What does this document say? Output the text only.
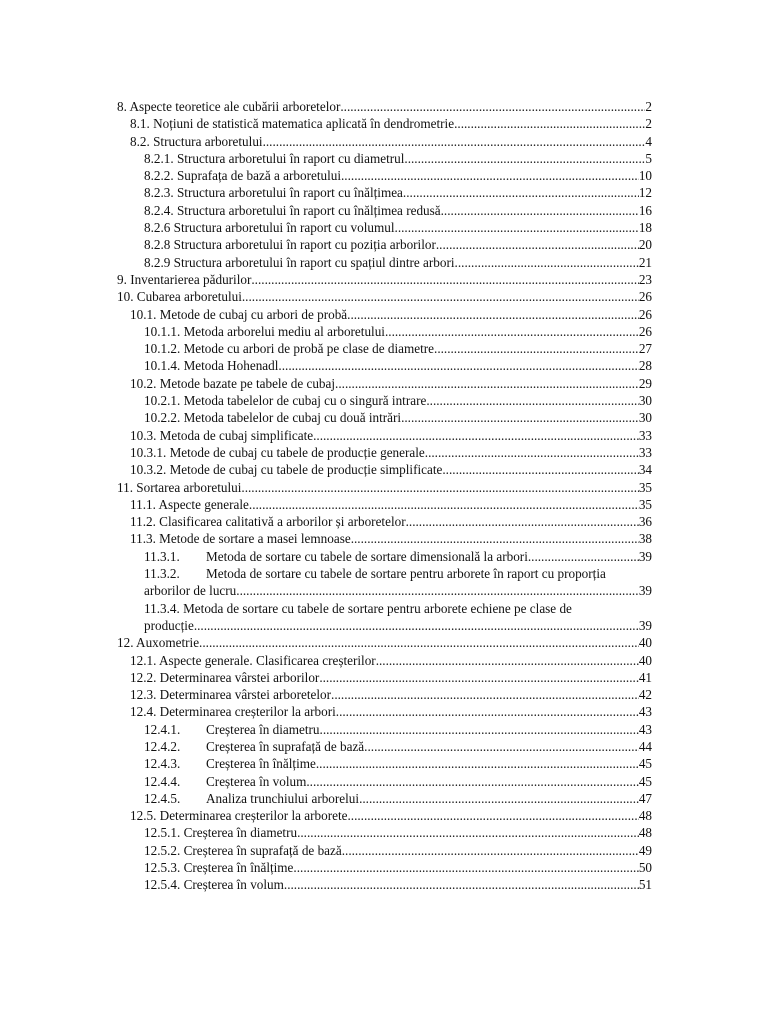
8. Aspecte teoretice ale cubării arboretelor .....	2
8.1. Noțiuni de statistică matematica aplicată în dendrometrie .....	2
8.2. Structura arboretului .....	4
8.2.1. Structura arboretului în raport cu diametrul .....	5
8.2.2. Suprafața de bază a arboretului .....	10
8.2.3. Structura arboretului în raport cu înălțimea .....	12
8.2.4. Structura arboretului în raport cu înălțimea redusă .....	16
8.2.6 Structura arboretului în raport cu volumul .....	18
8.2.8 Structura arboretului în raport cu poziția arborilor .....	20
8.2.9 Structura arboretului în raport cu spațiul dintre arbori. .....	21
9. Inventarierea pădurilor .....	23
10. Cubarea arboretului .....	26
10.1. Metode de cubaj cu arbori de probă .....	26
10.1.1. Metoda arborelui mediu al arboretului .....	26
10.1.2. Metode cu arbori de probă pe clase de diametre .....	27
10.1.4. Metoda Hohenadl .....	28
10.2. Metode bazate pe tabele de cubaj .....	29
10.2.1. Metoda tabelelor de cubaj cu o singură intrare .....	30
10.2.2. Metoda tabelelor de cubaj cu două intrări .....	30
10.3. Metoda de cubaj simplificate .....	33
10.3.1. Metode de cubaj cu tabele de producție generale .....	33
10.3.2. Metode de cubaj cu tabele de producție simplificate .....	34
11. Sortarea arboretului .....	35
11.1. Aspecte generale .....	35
11.2. Clasificarea calitativă a arborilor și arboretelor .....	36
11.3. Metode de sortare a masei lemnoase .....	38
11.3.1. Metoda de sortare cu tabele de sortare dimensională la arbori .....	39
11.3.2. Metoda de sortare cu tabele de sortare pentru arborete în raport cu proporția
arborilor de lucru .....	39
11.3.4. Metoda de sortare cu tabele de sortare pentru arborete echiene pe clase de
producție .....	39
12. Auxometrie .....	40
12.1. Aspecte generale. Clasificarea creșterilor .....	40
12.2. Determinarea vârstei arborilor .....	41
12.3. Determinarea vârstei arboretelor .....	42
12.4. Determinarea creșterilor la arbori .....	43
12.4.1. Creșterea în diametru .....	43
12.4.2. Creșterea în suprafață de bază .....	44
12.4.3. Creșterea în înălțime .....	45
12.4.4. Creșterea în volum .....	45
12.4.5. Analiza trunchiului arborelui .....	47
12.5. Determinarea creșterilor la arborete .....	48
12.5.1. Creșterea în diametru .....	48
12.5.2. Creșterea în suprafață de bază .....	49
12.5.3. Creșterea în înălțime .....	50
12.5.4. Creșterea în volum .....	51
